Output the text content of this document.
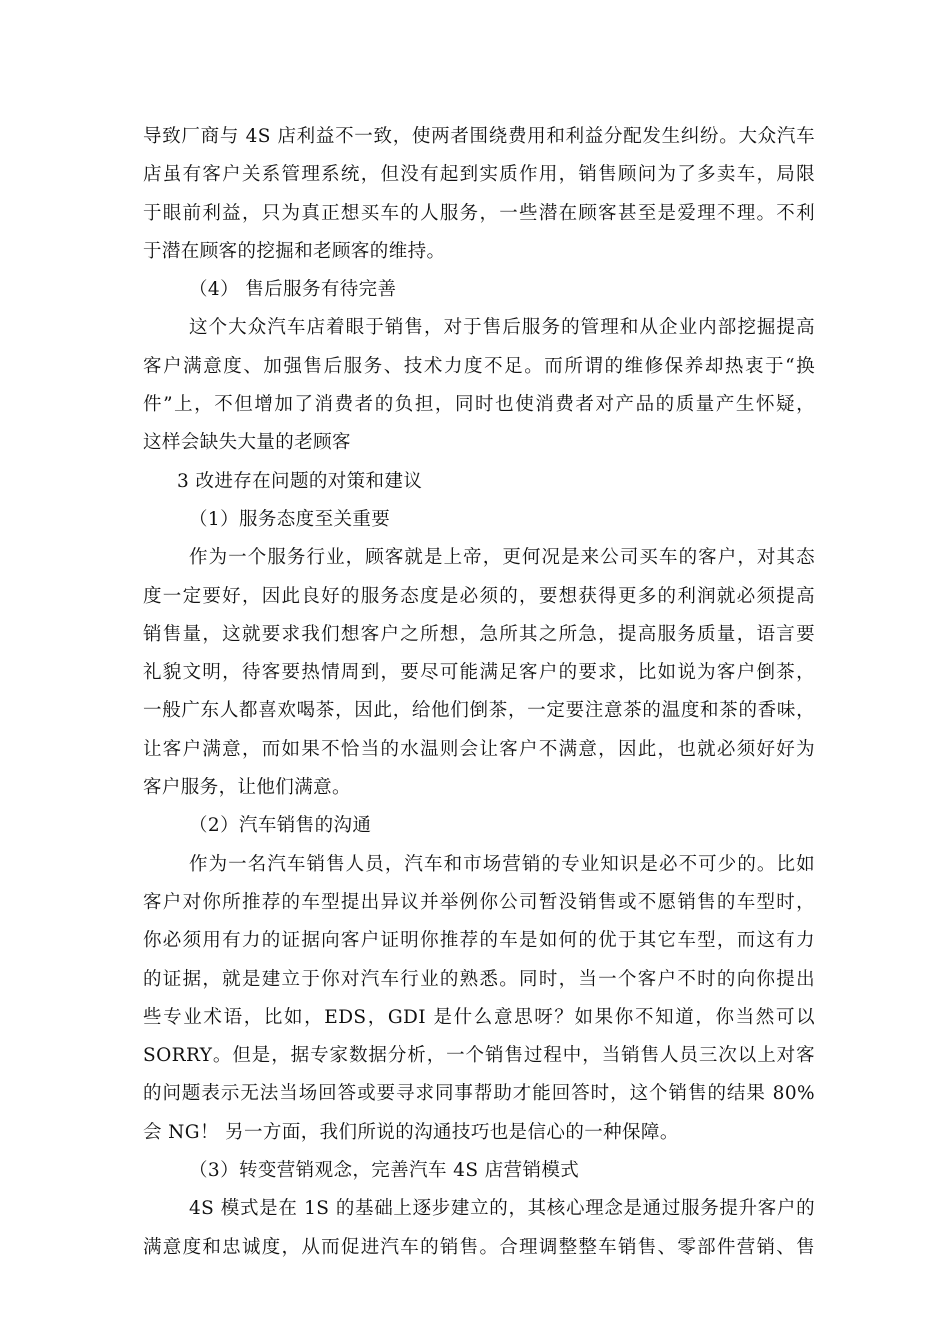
导致厂商与 4S 店利益不一致，使两者围绕费用和利益分配发生纠纷。大众汽车
店虽有客户关系管理系统，但没有起到实质作用，销售顾问为了多卖车，局限
于眼前利益，只为真正想买车的人服务，一些潜在顾客甚至是爱理不理。不利
于潜在顾客的挖掘和老顾客的维持。
（4） 售后服务有待完善
这个大众汽车店着眼于销售，对于售后服务的管理和从企业内部挖掘提高
客户满意度、加强售后服务、技术力度不足。而所谓的维修保养却热衷于“换
件”上，不但增加了消费者的负担，同时也使消费者对产品的质量产生怀疑，
这样会缺失大量的老顾客
3 改进存在问题的对策和建议
（1）服务态度至关重要
作为一个服务行业，顾客就是上帝，更何况是来公司买车的客户，对其态
度一定要好，因此良好的服务态度是必须的，要想获得更多的利润就必须提高
销售量，这就要求我们想客户之所想，急所其之所急，提高服务质量，语言要
礼貌文明，待客要热情周到，要尽可能满足客户的要求，比如说为客户倒茶，
一般广东人都喜欢喝茶，因此，给他们倒茶，一定要注意茶的温度和茶的香味，
让客户满意，而如果不恰当的水温则会让客户不满意，因此，也就必须好好为
客户服务，让他们满意。
（2）汽车销售的沟通
作为一名汽车销售人员，汽车和市场营销的专业知识是必不可少的。比如
客户对你所推荐的车型提出异议并举例你公司暂没销售或不愿销售的车型时，
你必须用有力的证据向客户证明你推荐的车是如何的优于其它车型，而这有力
的证据，就是建立于你对汽车行业的熟悉。同时，当一个客户不时的向你提出
些专业术语，比如，EDS，GDI 是什么意思呀？如果你不知道，你当然可以
SORRY。但是，据专家数据分析，一个销售过程中，当销售人员三次以上对客
的问题表示无法当场回答或要寻求同事帮助才能回答时，这个销售的结果 80%
会 NG！ 另一方面，我们所说的沟通技巧也是信心的一种保障。
（3）转变营销观念，完善汽车 4S 店营销模式
4S 模式是在 1S 的基础上逐步建立的，其核心理念是通过服务提升客户的
满意度和忠诚度，从而促进汽车的销售。合理调整整车销售、零部件营销、售
